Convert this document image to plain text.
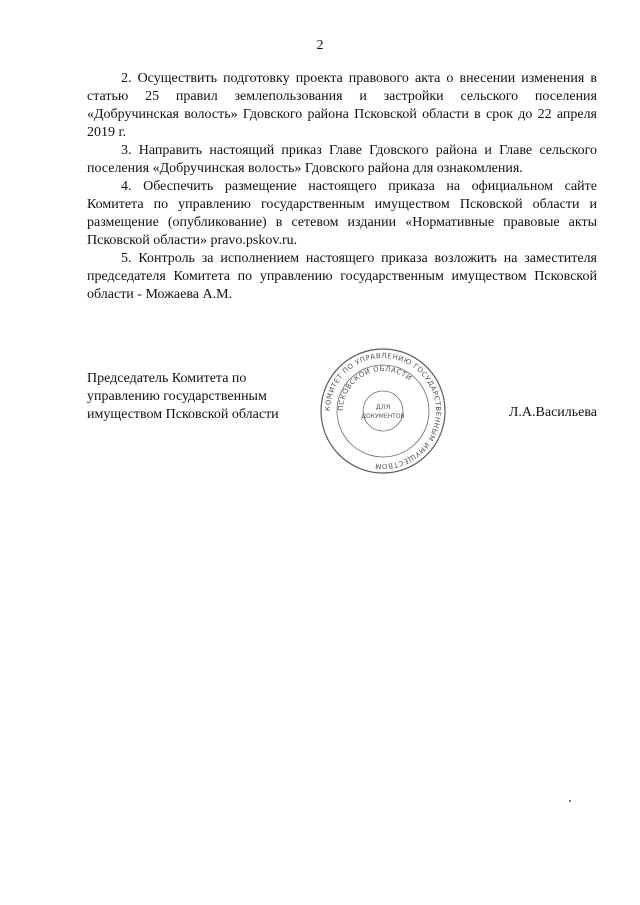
2

2. Осуществить подготовку проекта правового акта о внесении изменения в статью 25 правил землепользования и застройки сельского поселения «Добручинская волость» Гдовского района Псковской области в срок до 22 апреля 2019 г.

3. Направить настоящий приказ Главе Гдовского района и Главе сельского поселения «Добручинская волость» Гдовского района для ознакомления.

4. Обеспечить размещение настоящего приказа на официальном сайте Комитета по управлению государственным имуществом Псковской области и размещение (опубликование) в сетевом издании «Нормативные правовые акты Псковской области» pravo.pskov.ru.

5. Контроль за исполнением настоящего приказа возложить на заместителя председателя Комитета по управлению государственным имуществом Псковской области - Можаева А.М.

Председатель Комитета по
управлению государственным
имуществом Псковской области	Л.А.Васильева
КОМИТЕТ ПО УПРАВЛЕНИЮ ГОСУДАРСТВЕННЫМ ИМУЩЕСТВОМ
ПСКОВСКОЙ ОБЛАСТИ
ДЛЯ
ДОКУМЕНТОВ
